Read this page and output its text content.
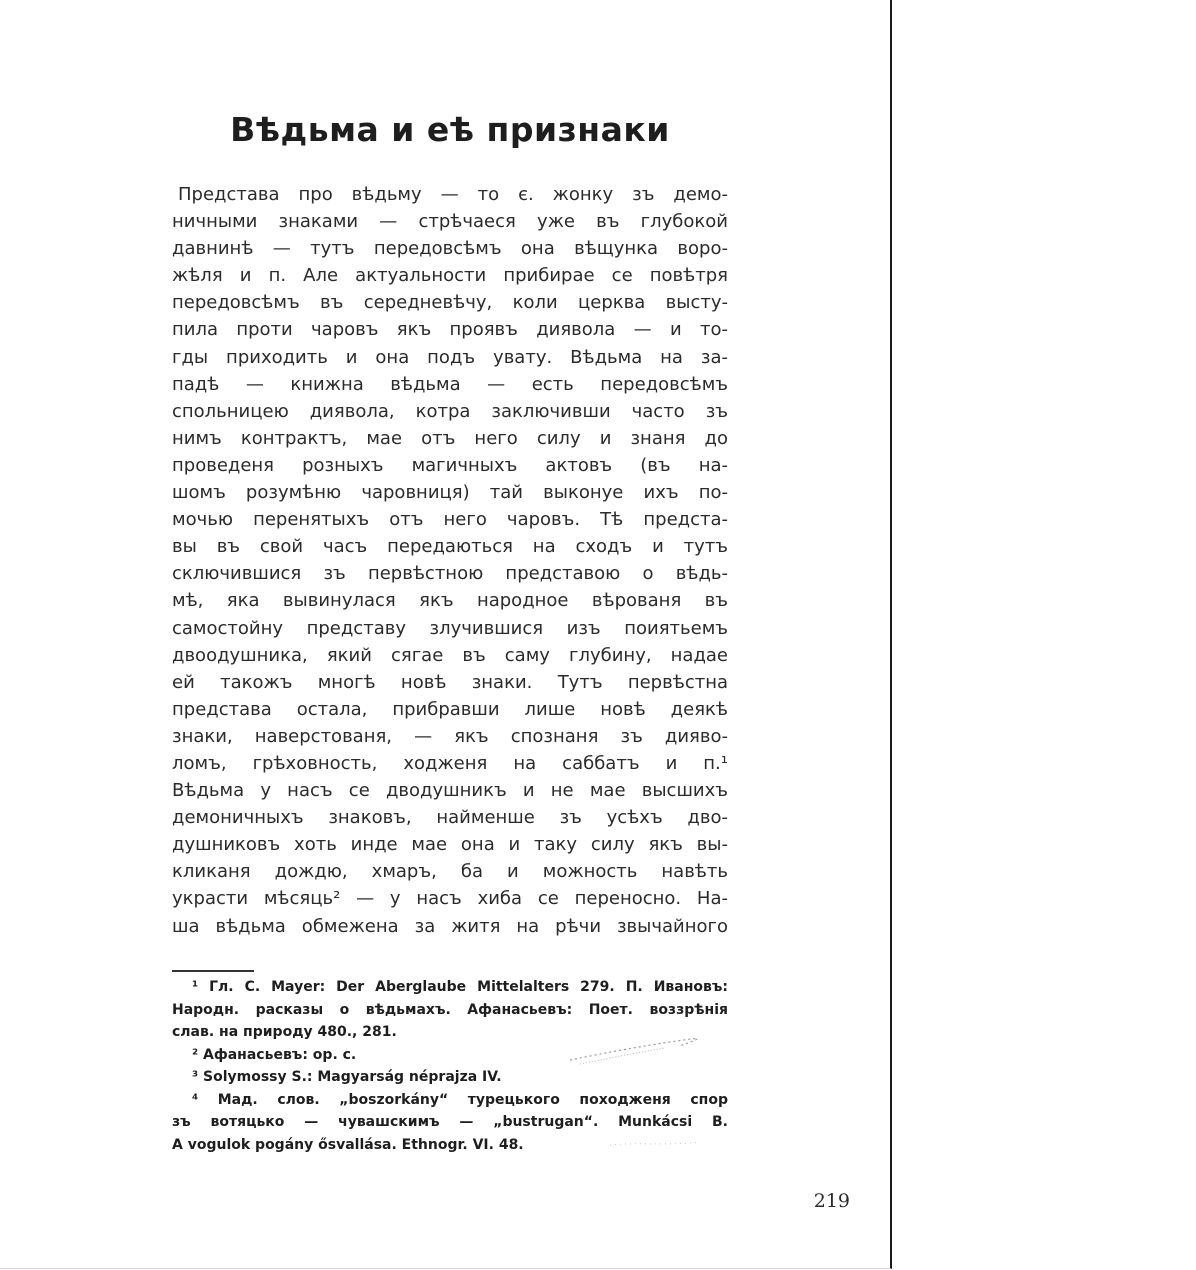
Вѣдьма и еѣ признаки
Представа про вѣдьму — то є. жонку зъ демо-
ничными знаками — стрѣчаеся уже въ глубокой
давнинѣ — тутъ передовсѣмъ она вѣщунка воро-
жѣля и п. Але актуальности прибирае се повѣтря
передовсѣмъ въ середневѣчу, коли церква высту-
пила проти чаровъ якъ проявъ диявола — и то-
гды приходить и она подъ увату. Вѣдьма на за-
падѣ — книжна вѣдьма — есть передовсѣмъ
спольницею диявола, котра заключивши часто зъ
нимъ контрактъ, мае отъ него силу и знаня до
проведеня розныхъ магичныхъ актовъ (въ на-
шомъ розумѣню чаровниця) тай выконуе ихъ по-
мочью перенятыхъ отъ него чаровъ. Тѣ предста-
вы въ свой часъ передаються на сходъ и тутъ
сключившися зъ первѣстною представою о вѣдь-
мѣ, яка вывинулася якъ народное вѣрованя въ
самостойну представу злучившися изъ поиятьемъ
двоодушника, який сягае въ саму глубину, надае
ей такожъ многѣ новѣ знаки. Тутъ первѣстна
представа остала, прибравши лише новѣ деякѣ
знаки, наверстованя, — якъ спознаня зъ дияво-
ломъ, грѣховность, ходженя на саббатъ и п.¹
Вѣдьма у насъ се дводушникъ и не мае высшихъ
демоничныхъ знаковъ, найменше зъ усѣхъ дво-
душниковъ хоть инде мае она и таку силу якъ вы-
кликаня дождю, хмаръ, ба и можность навѣть
украсти мѣсяць² — у насъ хиба се переносно. На-
ша вѣдьма обмежена за житя на рѣчи звычайного
¹ Гл. С. Mayer: Der Aberglaube Mittelalters 279. П. Ивановъ:
Народн. расказы о вѣдьмахъ. Афанасьевъ: Поет. воззрѣнія
слав. на природу 480., 281.
² Афанасьевъ: ор. с.
³ Solymossy S.: Magyarság néprajza IV.
⁴ Мад. слов. „boszorkány“ турецького походженя спор
зъ вотяцько — чувашскимъ — „bustrugan“. Munkácsi B.
A vogulok pogány ősvallása. Ethnogr. VI. 48.
219
